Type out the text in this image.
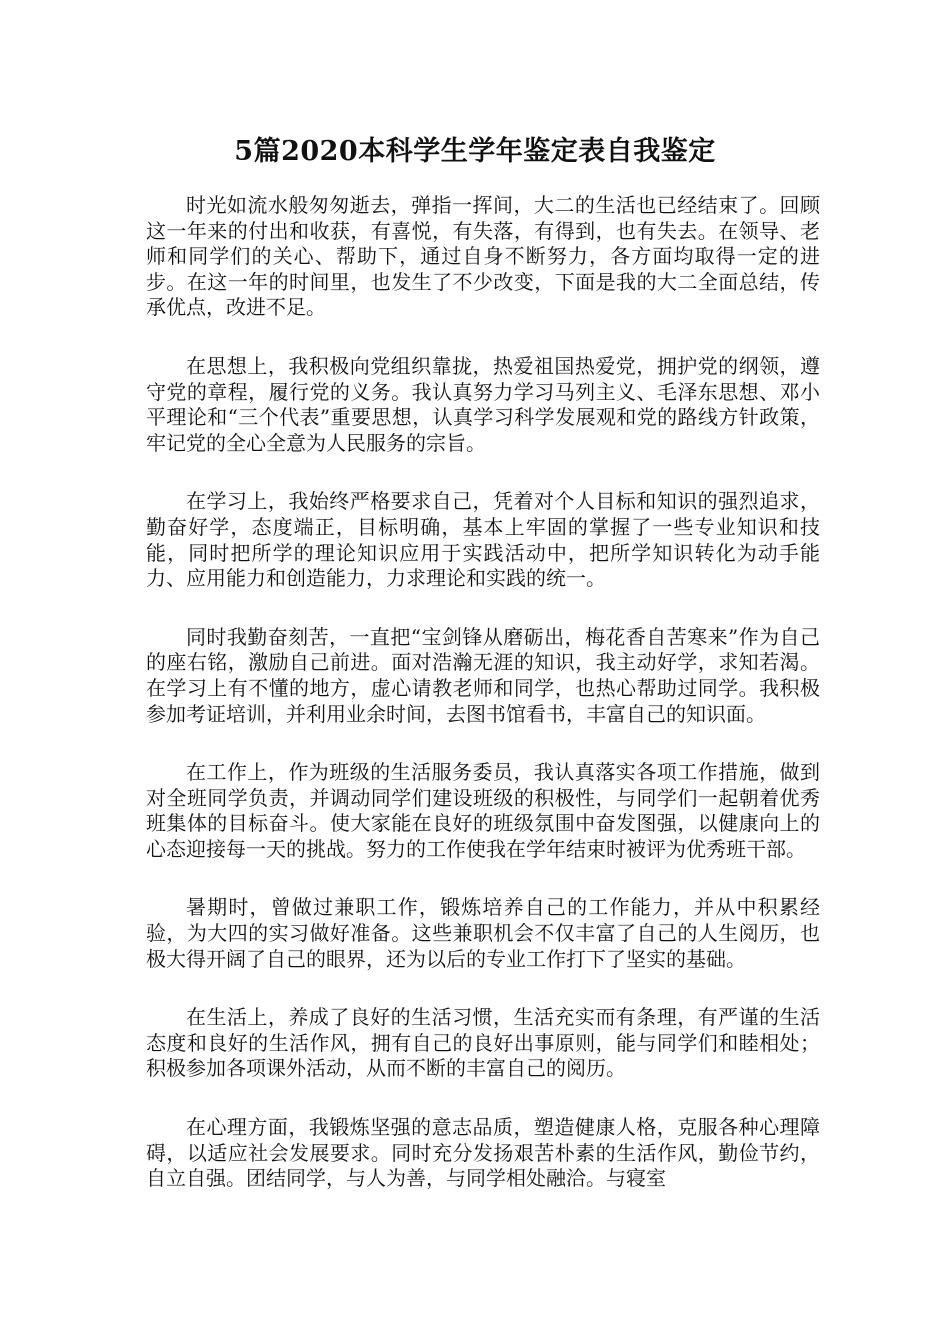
5篇2020本科学生学年鉴定表自我鉴定

时光如流水般匆匆逝去，弹指一挥间，大二的生活也已经结束了。回顾这一年来的付出和收获，有喜悦，有失落，有得到，也有失去。在领导、老师和同学们的关心、帮助下，通过自身不断努力，各方面均取得一定的进步。在这一年的时间里，也发生了不少改变，下面是我的大二全面总结，传承优点，改进不足。

在思想上，我积极向党组织靠拢，热爱祖国热爱党，拥护党的纲领，遵守党的章程，履行党的义务。我认真努力学习马列主义、毛泽东思想、邓小平理论和“三个代表”重要思想，认真学习科学发展观和党的路线方针政策，牢记党的全心全意为人民服务的宗旨。

在学习上，我始终严格要求自己，凭着对个人目标和知识的强烈追求，勤奋好学，态度端正，目标明确，基本上牢固的掌握了一些专业知识和技能，同时把所学的理论知识应用于实践活动中，把所学知识转化为动手能力、应用能力和创造能力，力求理论和实践的统一。

同时我勤奋刻苦，一直把“宝剑锋从磨砺出，梅花香自苦寒来”作为自己的座右铭，激励自己前进。面对浩瀚无涯的知识，我主动好学，求知若渴。在学习上有不懂的地方，虚心请教老师和同学，也热心帮助过同学。我积极参加考证培训，并利用业余时间，去图书馆看书，丰富自己的知识面。

在工作上，作为班级的生活服务委员，我认真落实各项工作措施，做到对全班同学负责，并调动同学们建设班级的积极性，与同学们一起朝着优秀班集体的目标奋斗。使大家能在良好的班级氛围中奋发图强，以健康向上的心态迎接每一天的挑战。努力的工作使我在学年结束时被评为优秀班干部。

暑期时，曾做过兼职工作，锻炼培养自己的工作能力，并从中积累经验，为大四的实习做好准备。这些兼职机会不仅丰富了自己的人生阅历，也极大得开阔了自己的眼界，还为以后的专业工作打下了坚实的基础。

在生活上，养成了良好的生活习惯，生活充实而有条理，有严谨的生活态度和良好的生活作风，拥有自己的良好出事原则，能与同学们和睦相处；积极参加各项课外活动，从而不断的丰富自己的阅历。

在心理方面，我锻炼坚强的意志品质，塑造健康人格，克服各种心理障碍，以适应社会发展要求。同时充分发扬艰苦朴素的生活作风，勤俭节约，自立自强。团结同学，与人为善，与同学相处融洽。与寝室
